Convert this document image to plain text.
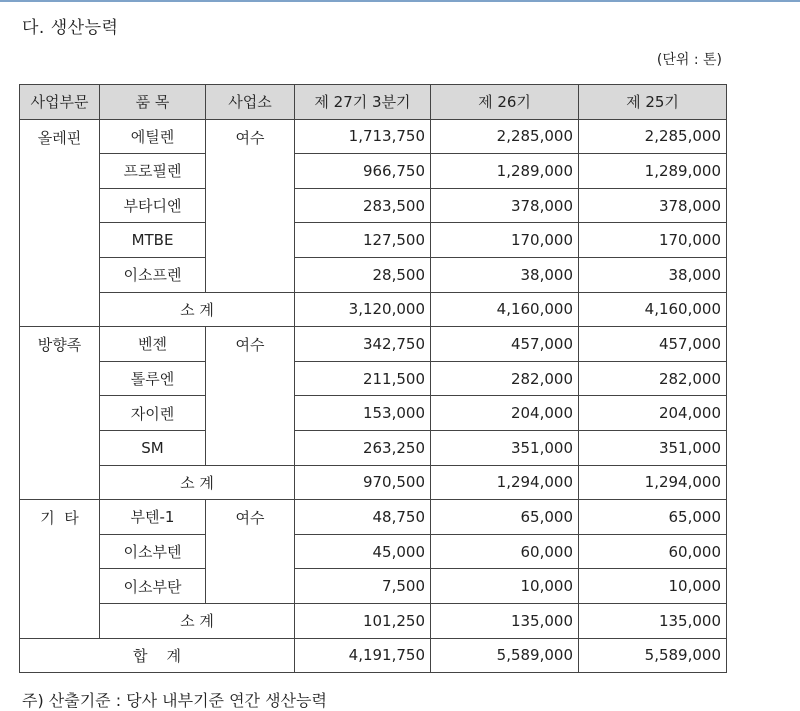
다. 생산능력
(단위 : 톤)
사업부문	품 목	사업소	제 27기 3분기	제 26기	제 25기
올레핀	에틸렌	여수	1,713,750	2,285,000	2,285,000
	프로필렌		966,750	1,289,000	1,289,000
	부타디엔		283,500	378,000	378,000
	MTBE		127,500	170,000	170,000
	이소프렌		28,500	38,000	38,000
	소 계		3,120,000	4,160,000	4,160,000
방향족	벤젠	여수	342,750	457,000	457,000
	톨루엔		211,500	282,000	282,000
	자이렌		153,000	204,000	204,000
	SM		263,250	351,000	351,000
	소 계		970,500	1,294,000	1,294,000
기  타	부텐-1	여수	48,750	65,000	65,000
	이소부텐		45,000	60,000	60,000
	이소부탄		7,500	10,000	10,000
	소 계		101,250	135,000	135,000
합    계			4,191,750	5,589,000	5,589,000
주) 산출기준 : 당사 내부기준 연간 생산능력
